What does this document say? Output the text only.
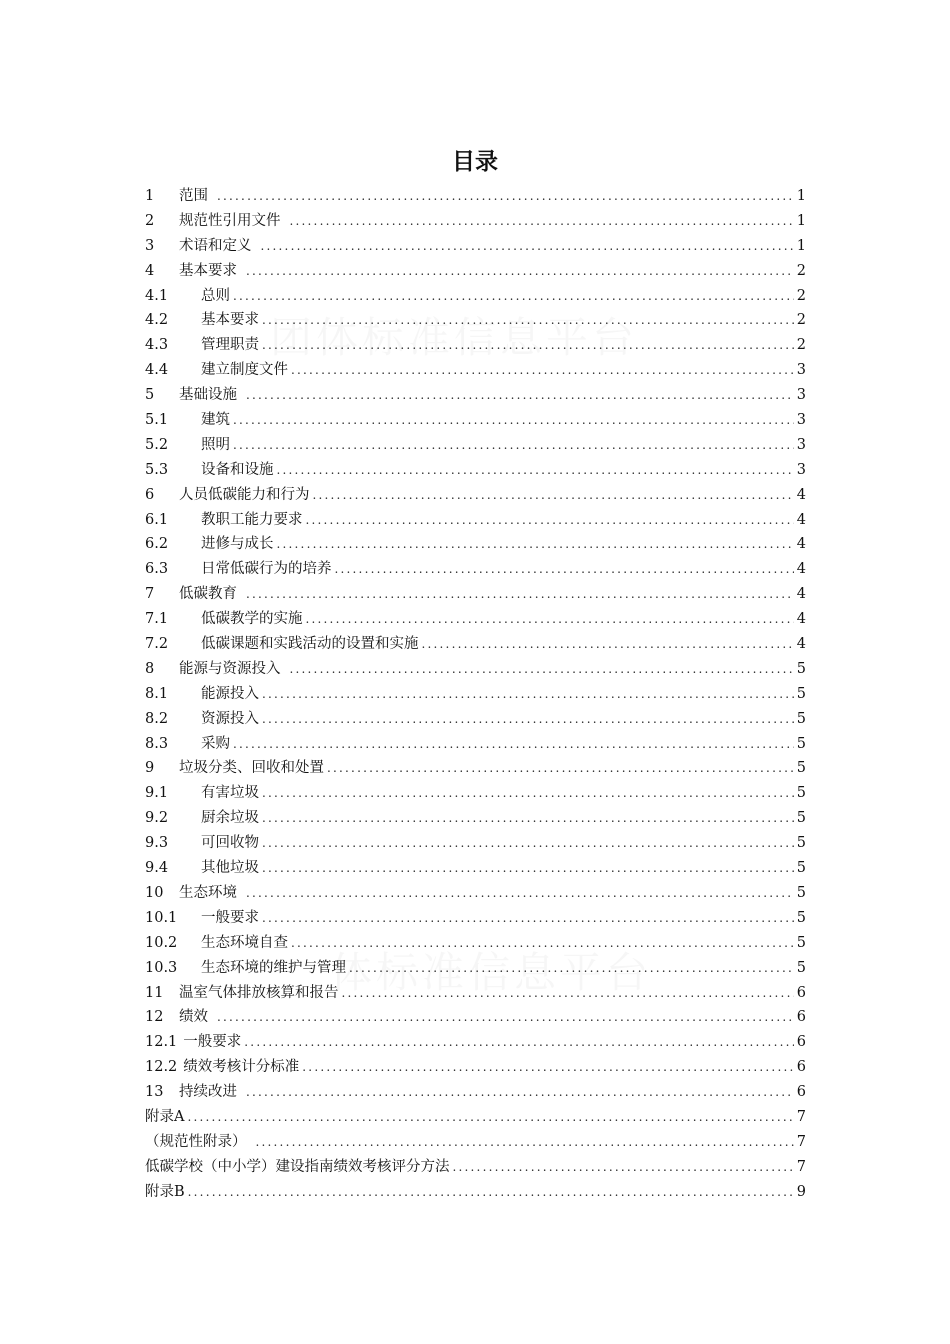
目录
1	范围 .....	1
2	规范性引用文件 .....	1
3	术语和定义 .....	1
4	基本要求 .....	2
4.1	总则 .....	2
4.2	基本要求 .....	2
4.3	管理职责 .....	2
4.4	建立制度文件 .....	3
5	基础设施 .....	3
5.1	建筑 .....	3
5.2	照明 .....	3
5.3	设备和设施 .....	3
6	人员低碳能力和行为 .....	4
6.1	教职工能力要求 .....	4
6.2	进修与成长 .....	4
6.3	日常低碳行为的培养 .....	4
7	低碳教育 .....	4
7.1	低碳教学的实施 .....	4
7.2	低碳课题和实践活动的设置和实施 .....	4
8	能源与资源投入 .....	5
8.1	能源投入 .....	5
8.2	资源投入 .....	5
8.3	采购 .....	5
9	垃圾分类、回收和处置 .....	5
9.1	有害垃圾 .....	5
9.2	厨余垃圾 .....	5
9.3	可回收物 .....	5
9.4	其他垃圾 .....	5
10	生态环境 .....	5
10.1	一般要求 .....	5
10.2	生态环境自查 .....	5
10.3	生态环境的维护与管理 .....	5
11	温室气体排放核算和报告 .....	6
12	绩效 .....	6
12.1 一般要求 .....	6
12.2 绩效考核计分标准 .....	6
13	持续改进 .....	6
附录A .....	7
（规范性附录） .....	7
低碳学校（中小学）建设指南绩效考核评分方法 .....	7
附录B .....	9
